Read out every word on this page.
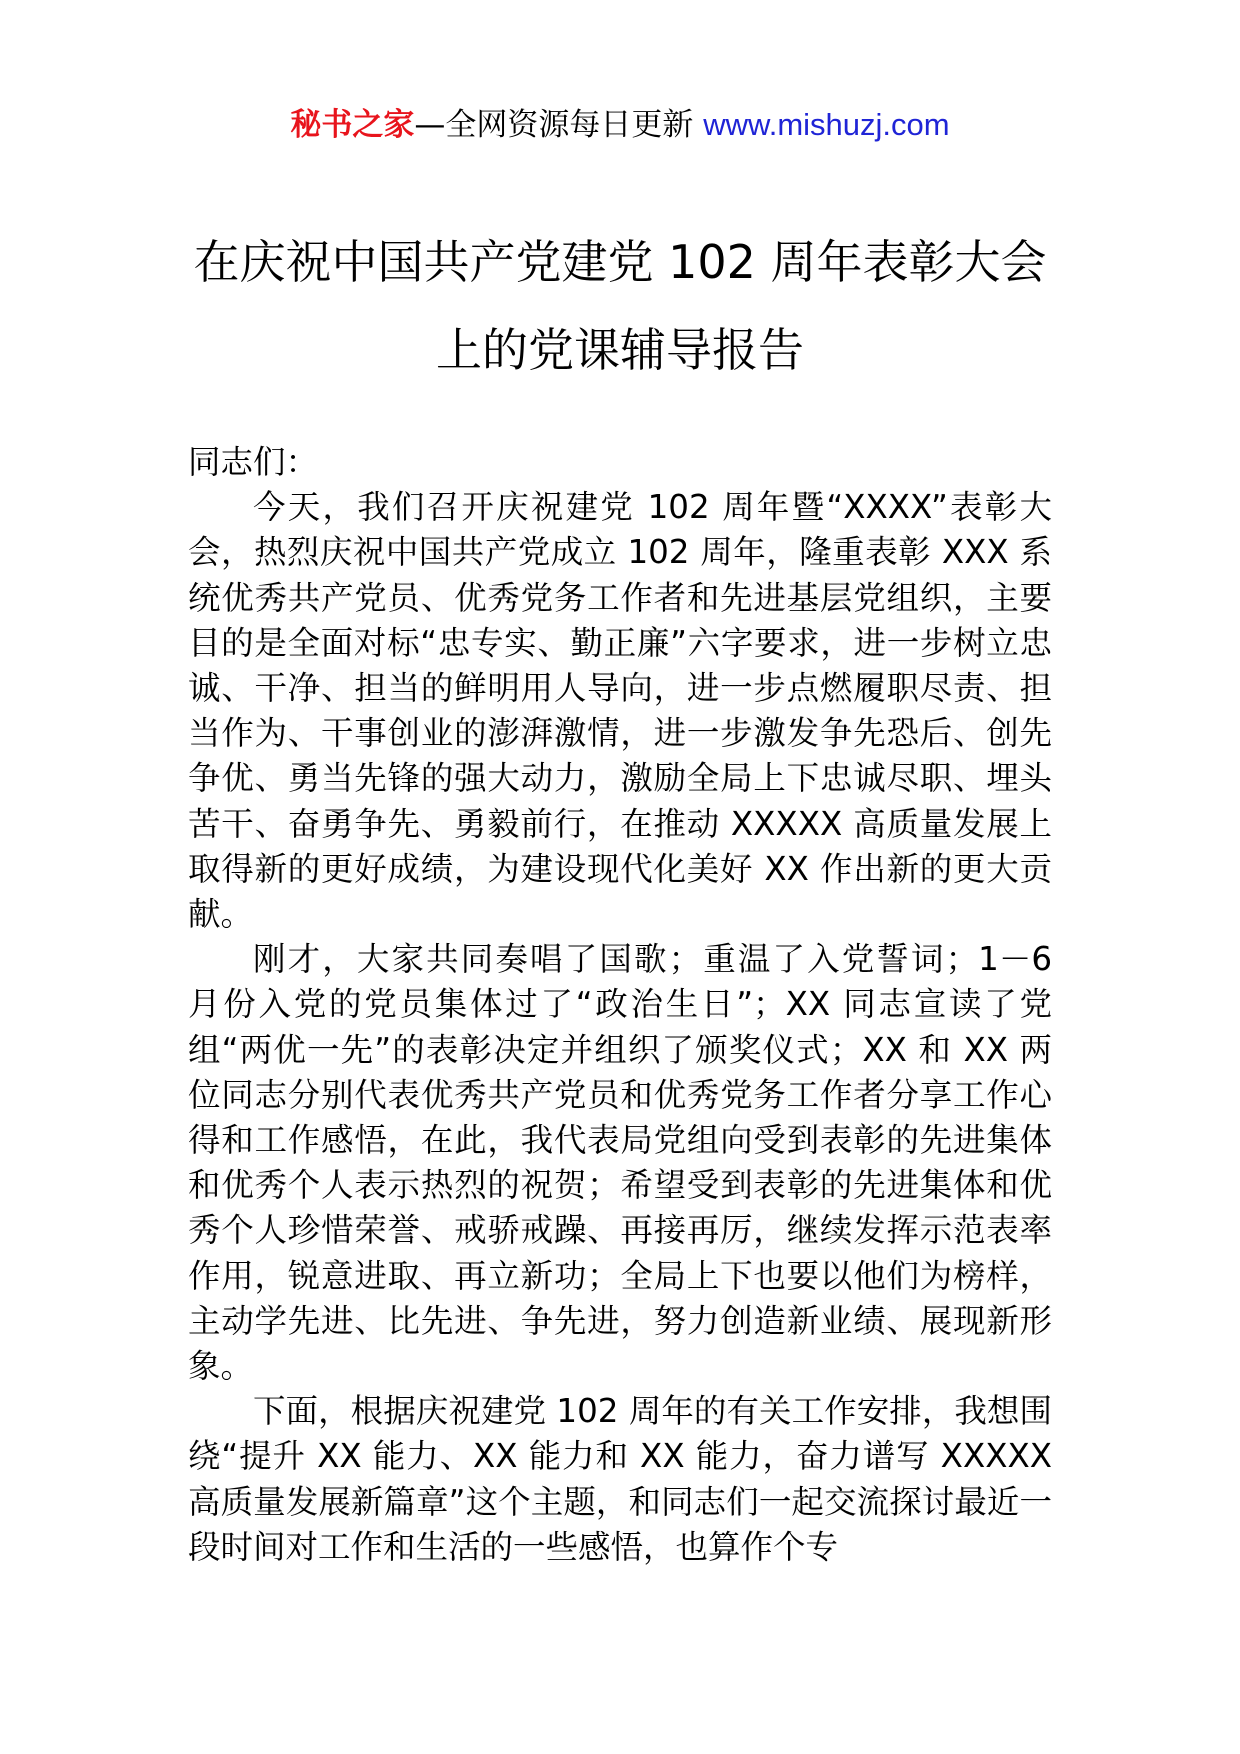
秘书之家—全网资源每日更新 www.mishuzj.com
在庆祝中国共产党建党 102 周年表彰大会
上的党课辅导报告

同志们：

今天，我们召开庆祝建党 102 周年暨“XXXX”表彰大会，热烈庆祝中国共产党成立 102 周年，隆重表彰 XXX 系统优秀共产党员、优秀党务工作者和先进基层党组织，主要目的是全面对标“忠专实、勤正廉”六字要求，进一步树立忠诚、干净、担当的鲜明用人导向，进一步点燃履职尽责、担当作为、干事创业的澎湃激情，进一步激发争先恐后、创先争优、勇当先锋的强大动力，激励全局上下忠诚尽职、埋头苦干、奋勇争先、勇毅前行，在推动 XXXXX 高质量发展上取得新的更好成绩，为建设现代化美好 XX 作出新的更大贡献。

刚才，大家共同奏唱了国歌；重温了入党誓词；1－6 月份入党的党员集体过了“政治生日”；XX 同志宣读了党组“两优一先”的表彰决定并组织了颁奖仪式；XX 和 XX 两位同志分别代表优秀共产党员和优秀党务工作者分享工作心得和工作感悟，在此，我代表局党组向受到表彰的先进集体和优秀个人表示热烈的祝贺；希望受到表彰的先进集体和优秀个人珍惜荣誉、戒骄戒躁、再接再厉，继续发挥示范表率作用，锐意进取、再立新功；全局上下也要以他们为榜样，主动学先进、比先进、争先进，努力创造新业绩、展现新形象。

下面，根据庆祝建党 102 周年的有关工作安排，我想围绕“提升 XX 能力、XX 能力和 XX 能力，奋力谱写 XXXXX 高质量发展新篇章”这个主题，和同志们一起交流探讨最近一段时间对工作和生活的一些感悟，也算作个专
